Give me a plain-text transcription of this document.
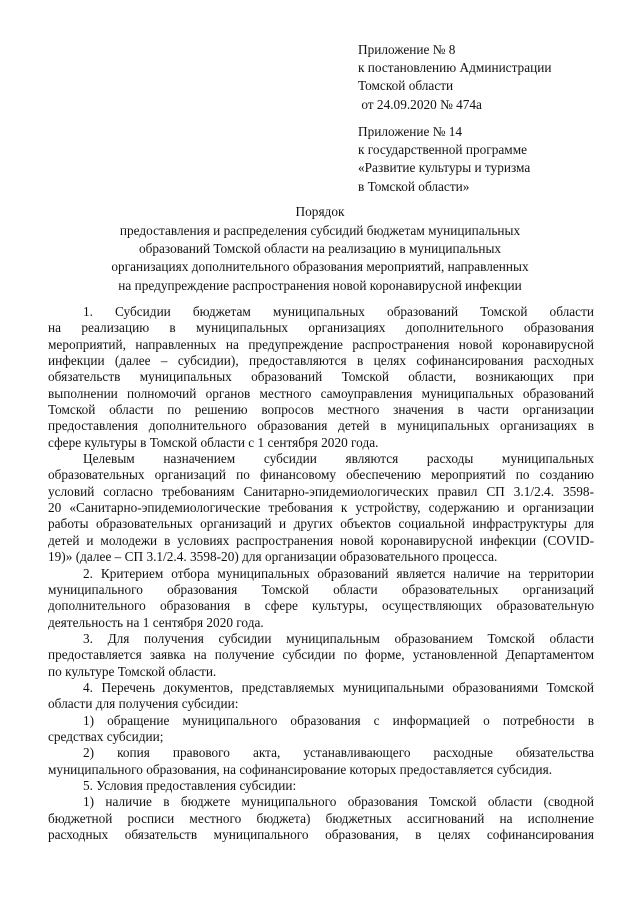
Приложение № 8
к постановлению Администрации
Томской области
от 24.09.2020 № 474а
Приложение № 14
к государственной программе
«Развитие культуры и туризма
в Томской области»
Порядок
предоставления и распределения субсидий бюджетам муниципальных
образований Томской области на реализацию в муниципальных
организациях дополнительного образования мероприятий, направленных
на предупреждение распространения новой коронавирусной инфекции
1. Субсидии бюджетам муниципальных образований Томской области
на реализацию в муниципальных организациях дополнительного образования
мероприятий, направленных на предупреждение распространения новой коронавирусной
инфекции (далее – субсидии), предоставляются в целях софинансирования расходных
обязательств муниципальных образований Томской области, возникающих при
выполнении полномочий органов местного самоуправления муниципальных образований
Томской области по решению вопросов местного значения в части организации
предоставления дополнительного образования детей в муниципальных организациях в
сфере культуры в Томской области с 1 сентября 2020 года.
Целевым назначением субсидии являются расходы муниципальных
образовательных организаций по финансовому обеспечению мероприятий по созданию
условий согласно требованиям Санитарно-эпидемиологических правил СП 3.1/2.4. 3598-
20 «Санитарно-эпидемиологические требования к устройству, содержанию и организации
работы образовательных организаций и других объектов социальной инфраструктуры для
детей и молодежи в условиях распространения новой коронавирусной инфекции (COVID-
19)» (далее – СП 3.1/2.4. 3598-20) для организации образовательного процесса.
2. Критерием отбора муниципальных образований является наличие на территории
муниципального образования Томской области образовательных организаций
дополнительного образования в сфере культуры, осуществляющих образовательную
деятельность на 1 сентября 2020 года.
3. Для получения субсидии муниципальным образованием Томской области
предоставляется заявка на получение субсидии по форме, установленной Департаментом
по культуре Томской области.
4. Перечень документов, представляемых муниципальными образованиями Томской
области для получения субсидии:
1) обращение муниципального образования с информацией о потребности в
средствах субсидии;
2) копия правового акта, устанавливающего расходные обязательства
муниципального образования, на софинансирование которых предоставляется субсидия.
5. Условия предоставления субсидии:
1) наличие в бюджете муниципального образования Томской области (сводной
бюджетной росписи местного бюджета) бюджетных ассигнований на исполнение
расходных обязательств муниципального образования, в целях софинансирования
